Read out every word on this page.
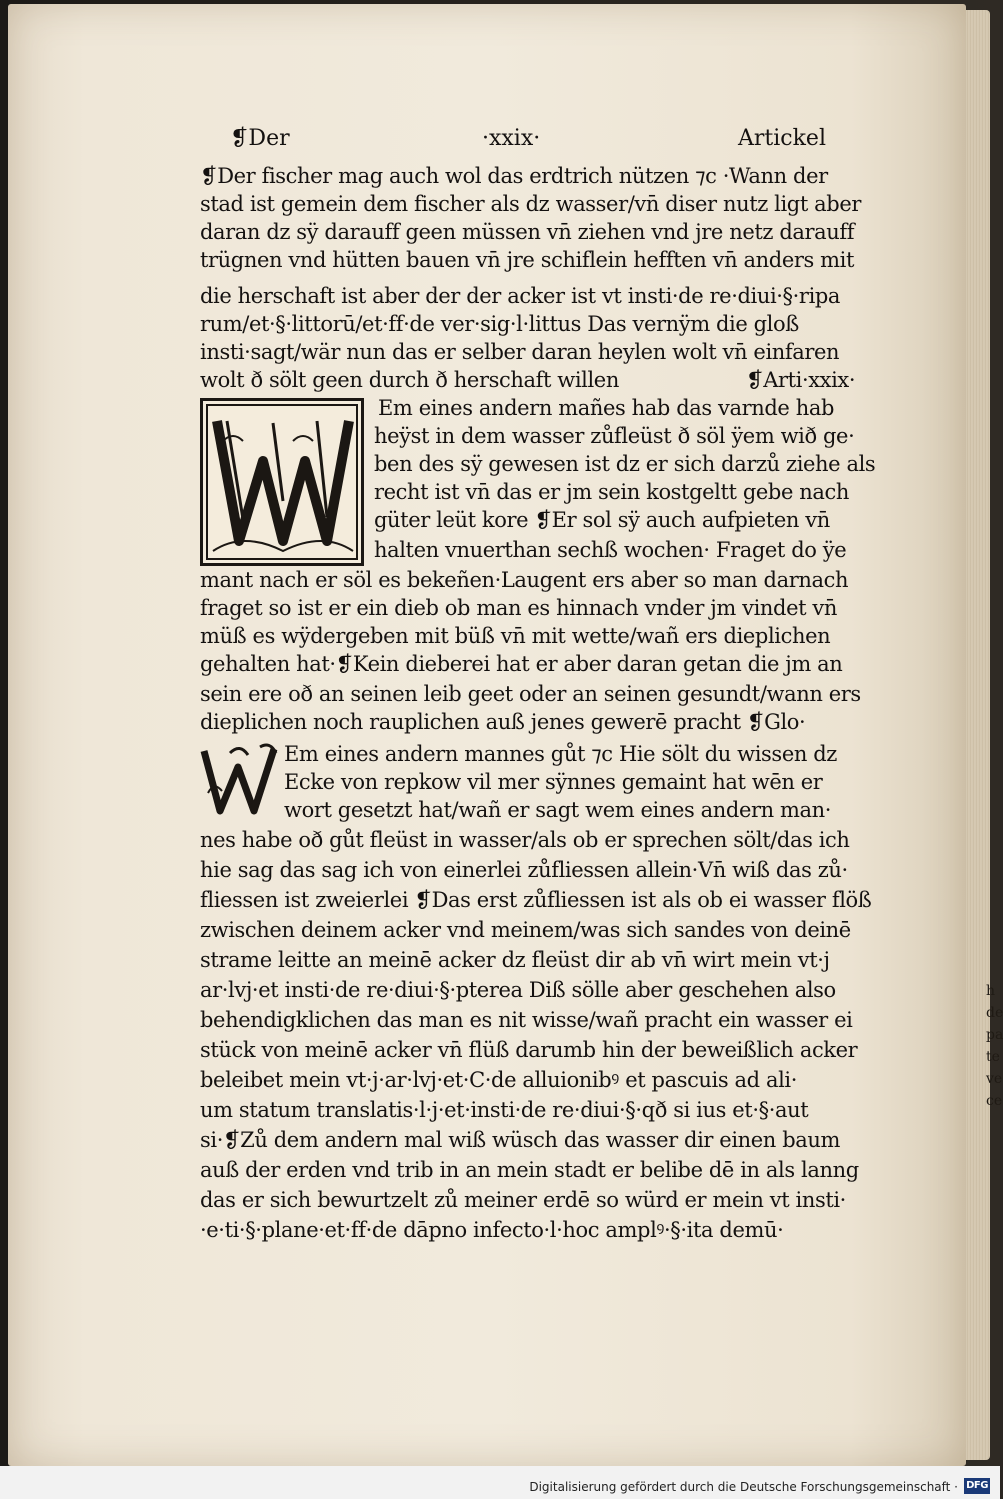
h
de
pa
te
ve
ce
❡Der	·xxix·	Artickel
❡Der fischer mag auch wol das erdtrich nützen ⁊c ·Wann der
stad ist gemein dem fischer als dz wasser/vn̄ diser nutz ligt aber
daran dz sÿ darauff geen müssen vn̄ ziehen vnd jre netz darauff
trügnen vnd hütten bauen vn̄ jre schiflein hefften vn̄ anders mit
die herschaft ist aber der der acker ist vt insti·de re·diui·§·ripa
rum/et·§·littorū/et·ff·de ver·sig·l·littus Das vernÿm die gloß
insti·sagt/wär nun das er selber daran heylen wolt vn̄ einfaren
wolt ð sölt geen durch ð herschaft willen	❡Arti·xxix·
Em eines andern mañes hab das varnde hab
heÿst in dem wasser zůfleüst ð söl ÿem wið ge·
ben des sÿ gewesen ist dz er sich darzů ziehe als
recht ist vn̄ das er jm sein kostgeltt gebe nach
güter leüt kore ❡Er sol sÿ auch aufpieten vn̄
halten vnuerthan sechß wochen· Fraget do ÿe
mant nach er söl es bekeñen·Laugent ers aber so man darnach
fraget so ist er ein dieb ob man es hinnach vnder jm vindet vn̄
müß es wÿdergeben mit büß vn̄ mit wette/wañ ers dieplichen
gehalten hat·❡Kein dieberei hat er aber daran getan die jm an
sein ere oð an seinen leib geet oder an seinen gesundt/wann ers
dieplichen noch rauplichen auß jenes gewerē pracht ❡Glo·
Em eines andern mannes gůt ⁊c Hie sölt du wissen dz
Ecke von repkow vil mer sÿnnes gemaint hat wēn er
wort gesetzt hat/wañ er sagt wem eines andern man·
nes habe oð gůt fleüst in wasser/als ob er sprechen sölt/das ich
hie sag das sag ich von einerlei zůfliessen allein·Vn̄ wiß das zů·
fliessen ist zweierlei ❡Das erst zůfliessen ist als ob ei wasser flöß
zwischen deinem acker vnd meinem/was sich sandes von deinē
strame leitte an meinē acker dz fleüst dir ab vn̄ wirt mein vt·j
ar·lvj·et insti·de re·diui·§·pterea Diß sölle aber geschehen also
behendigklichen das man es nit wisse/wañ pracht ein wasser ei
stück von meinē acker vn̄ flüß darumb hin der beweißlich acker
beleibet mein vt·j·ar·lvj·et·C·de alluionibꝰ et pascuis ad ali·
um statum translatis·l·j·et·insti·de re·diui·§·qð si ius et·§·aut
si·❡Zů dem andern mal wiß wüsch das wasser dir einen baum
auß der erden vnd trib in an mein stadt er belibe dē in als lanng
das er sich bewurtzelt zů meiner erdē so würd er mein vt insti·
·e·ti·§·plane·et·ff·de dāpno infecto·l·hoc amplꝰ·§·ita demū·
Digitalisierung gefördert durch die Deutsche Forschungsgemeinschaft · DFG
